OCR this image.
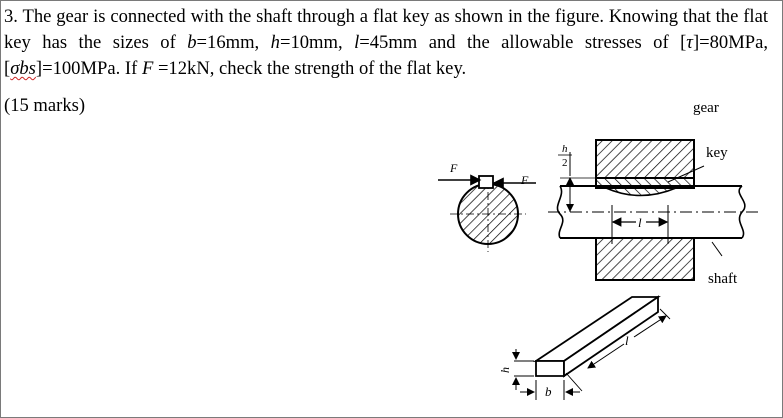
3. The gear is connected with the shaft through a flat key as shown in the figure. Knowing that the flat key has the sizes of b=16mm, h=10mm, l=45mm and the allowable stresses of [τ]=80MPa, [σbs]=100MPa. If F =12kN, check the strength of the flat key.
(15 marks)
F
F
h
2
l
key
gear
shaft
h
b
l
